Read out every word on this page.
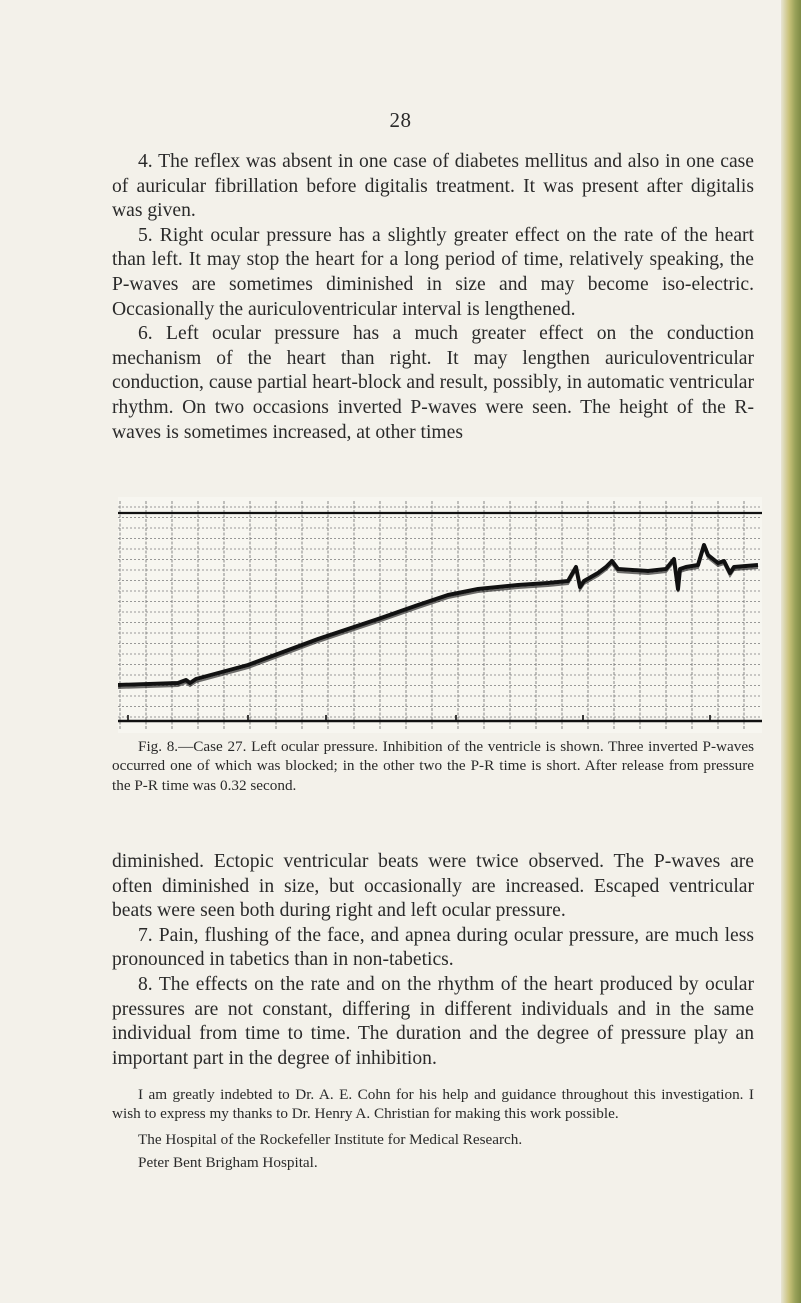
28

4. The reflex was absent in one case of diabetes mellitus and also in one case of auricular fibrillation before digitalis treatment. It was present after digitalis was given.

5. Right ocular pressure has a slightly greater effect on the rate of the heart than left. It may stop the heart for a long period of time, relatively speaking, the P-waves are sometimes diminished in size and may become iso-electric. Occasionally the auriculoventricular interval is lengthened.

6. Left ocular pressure has a much greater effect on the conduction mechanism of the heart than right. It may lengthen auriculoventricular conduction, cause partial heart-block and result, possibly, in automatic ventricular rhythm. On two occasions inverted P-waves were seen. The height of the R-waves is sometimes increased, at other times

Fig. 8.—Case 27. Left ocular pressure. Inhibition of the ventricle is shown. Three inverted P-waves occurred one of which was blocked; in the other two the P-R time is short. After release from pressure the P-R time was 0.32 second.

diminished. Ectopic ventricular beats were twice observed. The P-waves are often diminished in size, but occasionally are increased. Escaped ventricular beats were seen both during right and left ocular pressure.

7. Pain, flushing of the face, and apnea during ocular pressure, are much less pronounced in tabetics than in non-tabetics.

8. The effects on the rate and on the rhythm of the heart produced by ocular pressures are not constant, differing in different individuals and in the same individual from time to time. The duration and the degree of pressure play an important part in the degree of inhibition.

I am greatly indebted to Dr. A. E. Cohn for his help and guidance throughout this investigation. I wish to express my thanks to Dr. Henry A. Christian for making this work possible.

The Hospital of the Rockefeller Institute for Medical Research.

Peter Bent Brigham Hospital.
